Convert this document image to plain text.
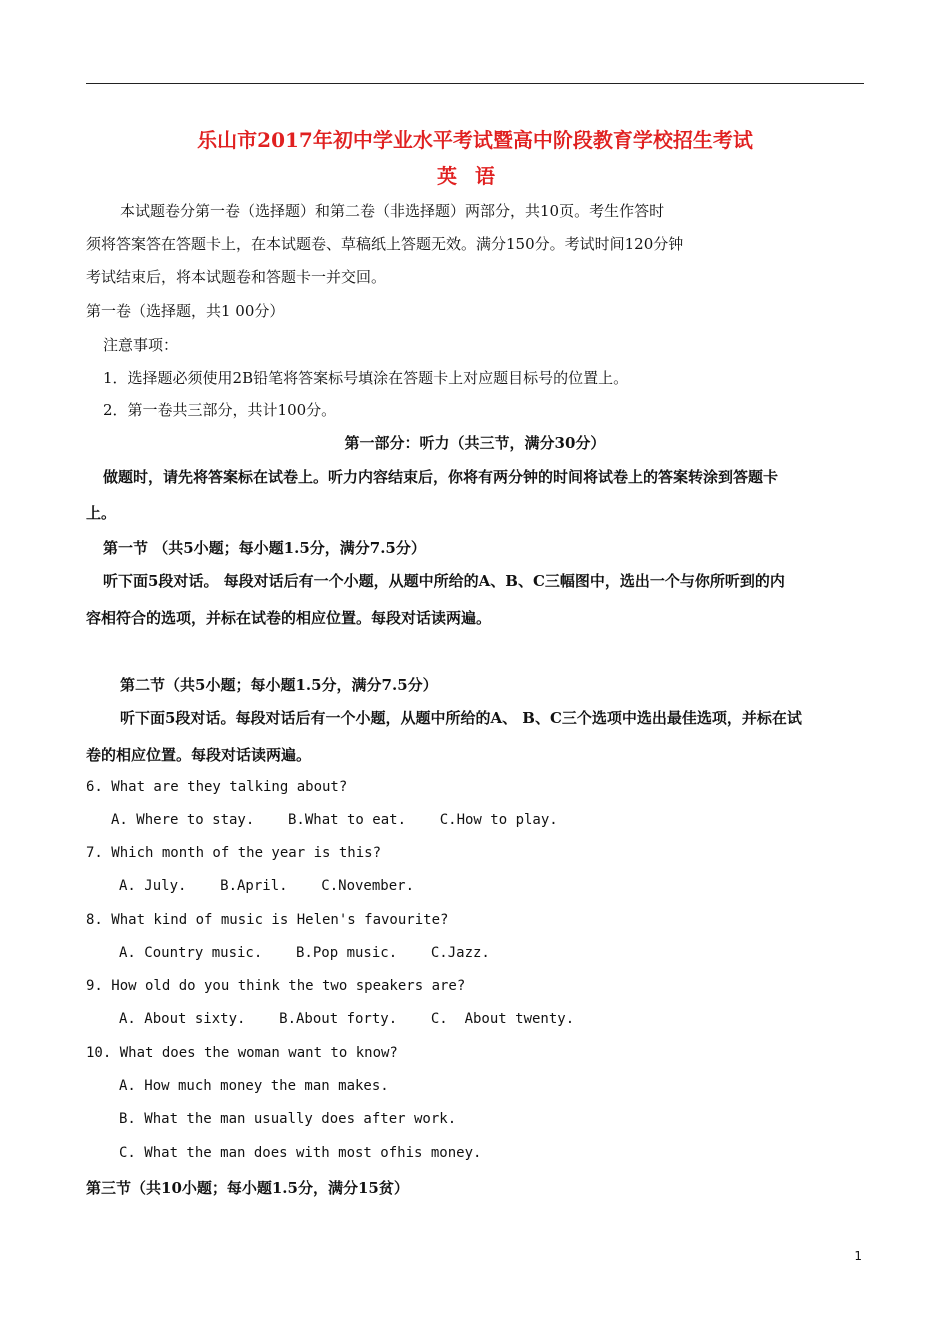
乐山市2017年初中学业水平考试暨高中阶段教育学校招生考试
英语
本试题卷分第一卷（选择题）和第二卷（非选择题）两部分，共10页。考生作答时
须将答案答在答题卡上，在本试题卷、草稿纸上答题无效。满分150分。考试时间120分钟
考试结束后，将本试题卷和答题卡一并交回。
第一卷（选择题，共1 00分）
注意事项：
1．选择题必须使用2B铅笔将答案标号填涂在答题卡上对应题目标号的位置上。
2．第一卷共三部分，共计100分。
第一部分：听力（共三节，满分30分）
做题时，请先将答案标在试卷上。听力内容结束后，你将有两分钟的时间将试卷上的答案转涂到答题卡
上。
第一节 （共5小题；每小题1.5分，满分7.5分）
听下面5段对话。 每段对话后有一个小题，从题中所给的A、B、C三幅图中，选出一个与你所听到的内
容相符合的选项，并标在试卷的相应位置。每段对话读两遍。
第二节（共5小题；每小题1.5分，满分7.5分）
听下面5段对话。每段对话后有一个小题，从题中所给的A、 B、C三个选项中选出最佳选项，并标在试
卷的相应位置。每段对话读两遍。
6. What are they talking about?
A. Where to stay.    B.What to eat.    C.How to play.
7. Which month of the year is this?
A. July.    B.April.    C.November.
8. What kind of music is Helen's favourite?
A. Country music.    B.Pop music.    C.Jazz.
9. How old do you think the two speakers are?
A. About sixty.    B.About forty.    C.  About twenty.
10. What does the woman want to know?
A. How much money the man makes.
B. What the man usually does after work.
C. What the man does with most ofhis money.
第三节（共10小题；每小题1.5分，满分15贫）
1
